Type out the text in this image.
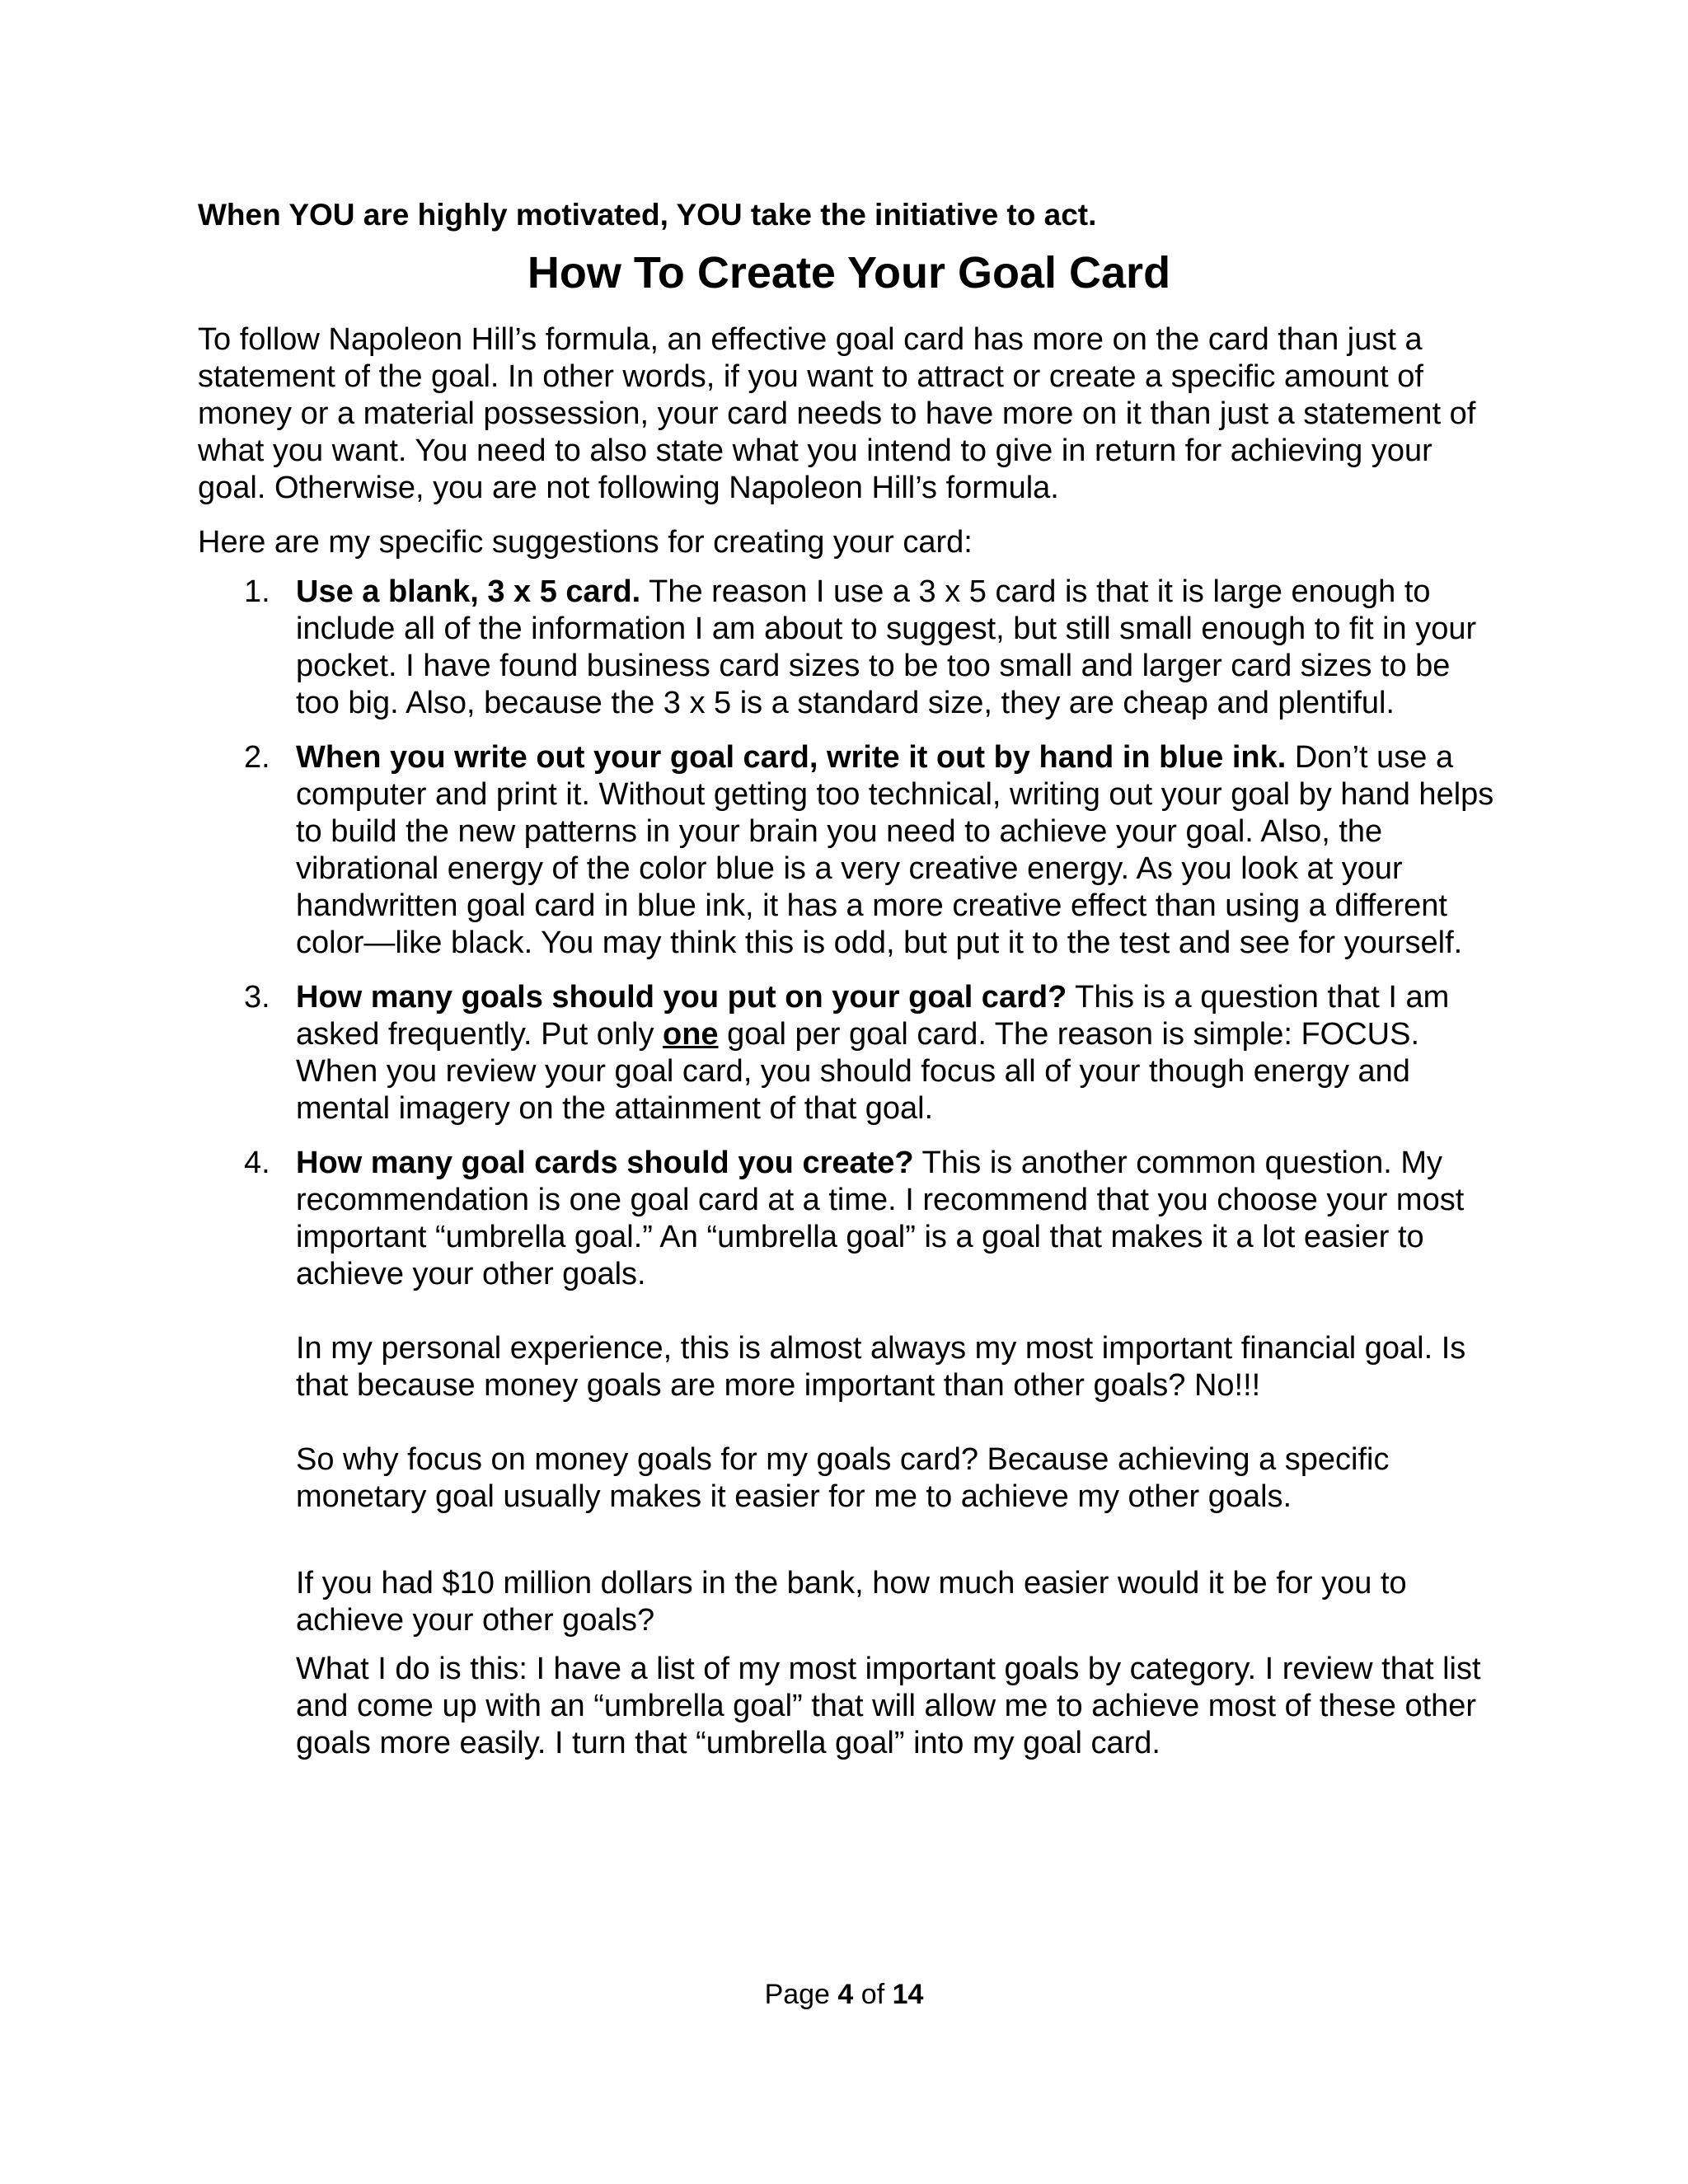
When YOU are highly motivated, YOU take the initiative to act.

How To Create Your Goal Card

To follow Napoleon Hill’s formula, an effective goal card has more on the card than just a statement of the goal. In other words, if you want to attract or create a specific amount of money or a material possession, your card needs to have more on it than just a statement of what you want. You need to also state what you intend to give in return for achieving your goal. Otherwise, you are not following Napoleon Hill’s formula.

Here are my specific suggestions for creating your card:

1. Use a blank, 3 x 5 card. The reason I use a 3 x 5 card is that it is large enough to include all of the information I am about to suggest, but still small enough to fit in your pocket. I have found business card sizes to be too small and larger card sizes to be too big. Also, because the 3 x 5 is a standard size, they are cheap and plentiful.

2. When you write out your goal card, write it out by hand in blue ink. Don’t use a computer and print it. Without getting too technical, writing out your goal by hand helps to build the new patterns in your brain you need to achieve your goal. Also, the vibrational energy of the color blue is a very creative energy. As you look at your handwritten goal card in blue ink, it has a more creative effect than using a different color—like black. You may think this is odd, but put it to the test and see for yourself.

3. How many goals should you put on your goal card? This is a question that I am asked frequently. Put only one goal per goal card. The reason is simple: FOCUS. When you review your goal card, you should focus all of your though energy and mental imagery on the attainment of that goal.

4. How many goal cards should you create? This is another common question. My recommendation is one goal card at a time. I recommend that you choose your most important “umbrella goal.” An “umbrella goal” is a goal that makes it a lot easier to achieve your other goals.

In my personal experience, this is almost always my most important financial goal. Is that because money goals are more important than other goals? No!!!

So why focus on money goals for my goals card? Because achieving a specific monetary goal usually makes it easier for me to achieve my other goals.

If you had $10 million dollars in the bank, how much easier would it be for you to achieve your other goals?

What I do is this: I have a list of my most important goals by category. I review that list and come up with an “umbrella goal” that will allow me to achieve most of these other goals more easily. I turn that “umbrella goal” into my goal card.

Page 4 of 14
